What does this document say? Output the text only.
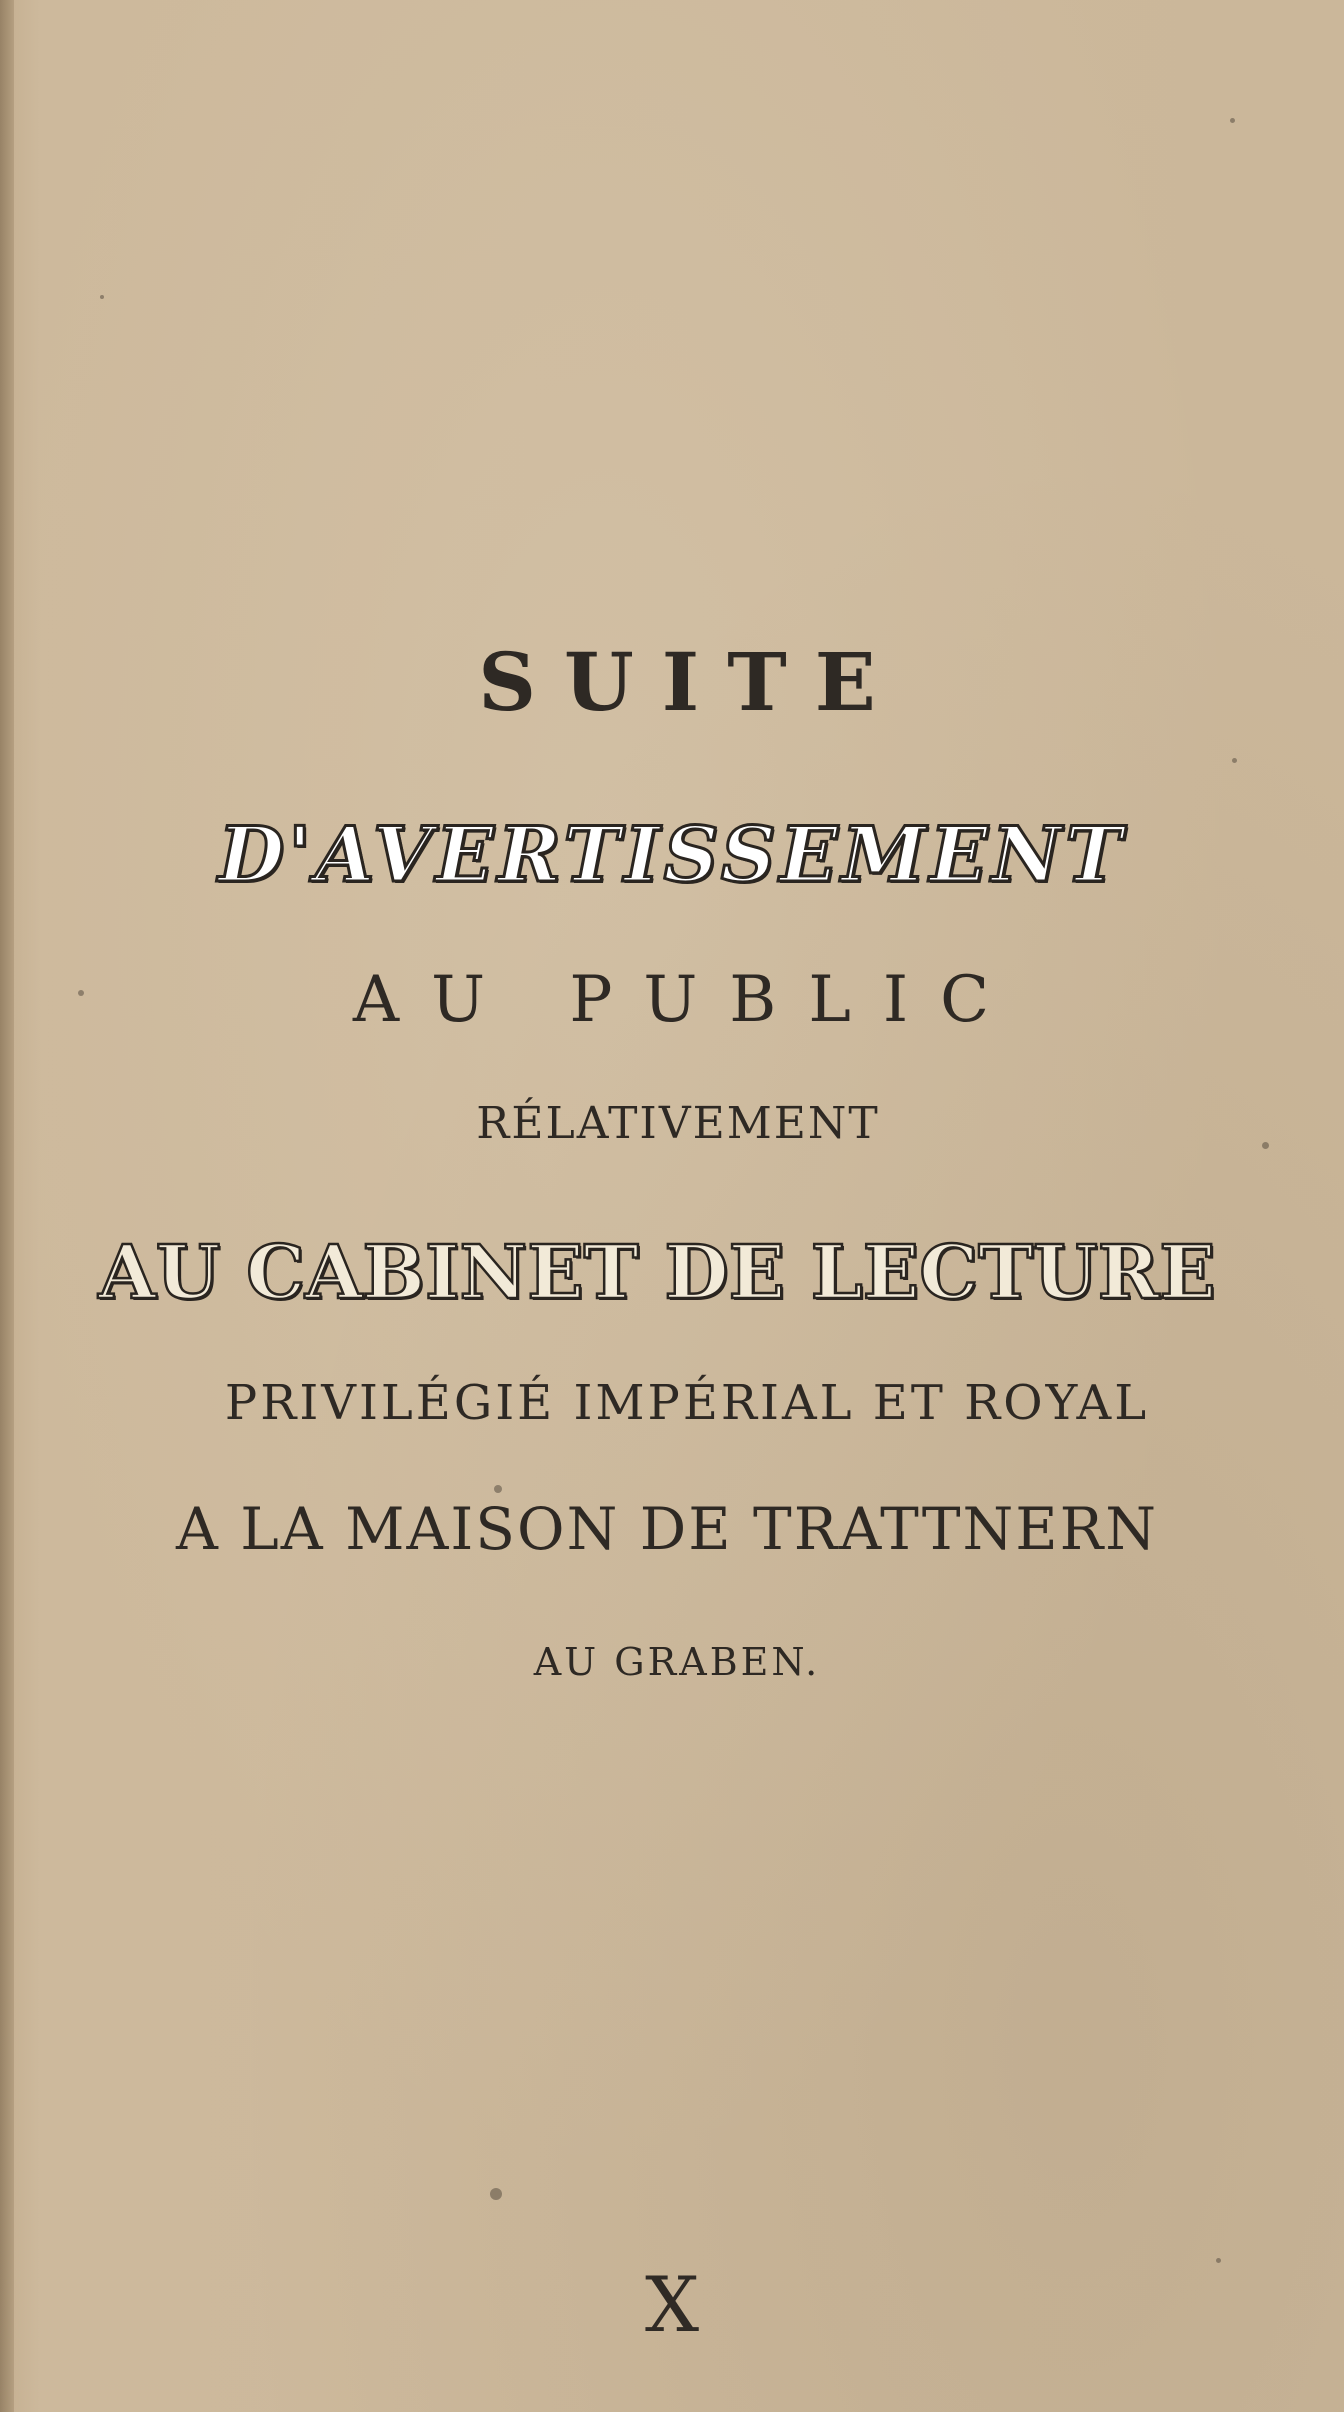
SUITE
D'AVERTISSEMENT
AU PUBLIC
RÉLATIVEMENT
AU CABINET DE LECTURE
PRIVILÉGIÉ IMPÉRIAL ET ROYAL
A LA MAISON DE TRATTNERN
AU GRABEN.
X
